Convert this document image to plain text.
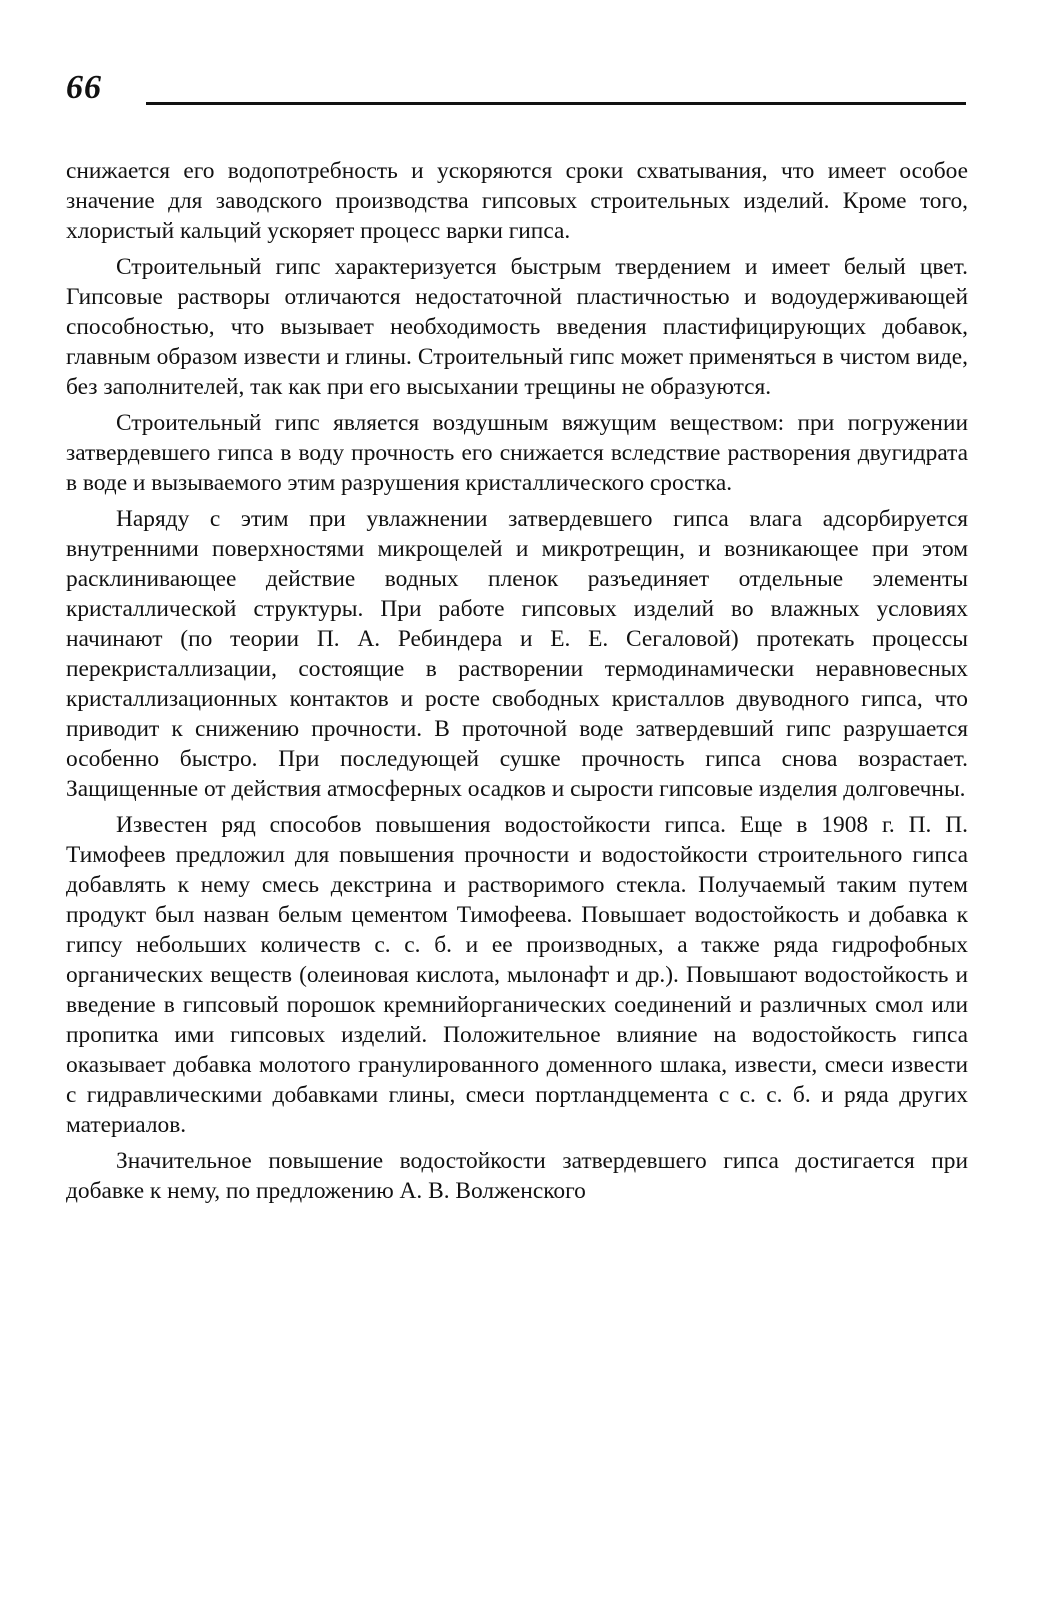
66

снижается его водопотребность и ускоряются сроки схватывания, что имеет особое значение для заводского производства гипсовых строительных изделий. Кроме того, хлористый кальций ускоряет процесс варки гипса.

Строительный гипс характеризуется быстрым твердением и имеет белый цвет. Гипсовые растворы отличаются недостаточной пластичностью и водоудерживающей способностью, что вызывает необходимость введения пластифицирующих добавок, главным образом извести и глины. Строительный гипс может применяться в чистом виде, без заполнителей, так как при его высыхании трещины не образуются.

Строительный гипс является воздушным вяжущим веществом: при погружении затвердевшего гипса в воду прочность его снижается вследствие растворения двугидрата в воде и вызываемого этим разрушения кристаллического сростка.

Наряду с этим при увлажнении затвердевшего гипса влага адсорбируется внутренними поверхностями микрощелей и микротрещин, и возникающее при этом расклинивающее действие водных пленок разъединяет отдельные элементы кристаллической структуры. При работе гипсовых изделий во влажных условиях начинают (по теории П. А. Ребиндера и Е. Е. Сегаловой) протекать процессы перекристаллизации, состоящие в растворении термодинамически неравновесных кристаллизационных контактов и росте свободных кристаллов двуводного гипса, что приводит к снижению прочности. В проточной воде затвердевший гипс разрушается особенно быстро. При последующей сушке прочность гипса снова возрастает. Защищенные от действия атмосферных осадков и сырости гипсовые изделия долговечны.

Известен ряд способов повышения водостойкости гипса. Еще в 1908 г. П. П. Тимофеев предложил для повышения прочности и водостойкости строительного гипса добавлять к нему смесь декстрина и растворимого стекла. Получаемый таким путем продукт был назван белым цементом Тимофеева. Повышает водостойкость и добавка к гипсу небольших количеств с. с. б. и ее производных, а также ряда гидрофобных органических веществ (олеиновая кислота, мылонафт и др.). Повышают водостойкость и введение в гипсовый порошок кремнийорганических соединений и различных смол или пропитка ими гипсовых изделий. Положительное влияние на водостойкость гипса оказывает добавка молотого гранулированного доменного шлака, извести, смеси извести с гидравлическими добавками глины, смеси портландцемента с с. с. б. и ряда других материалов.

Значительное повышение водостойкости затвердевшего гипса достигается при добавке к нему, по предложению А. В. Волженского
